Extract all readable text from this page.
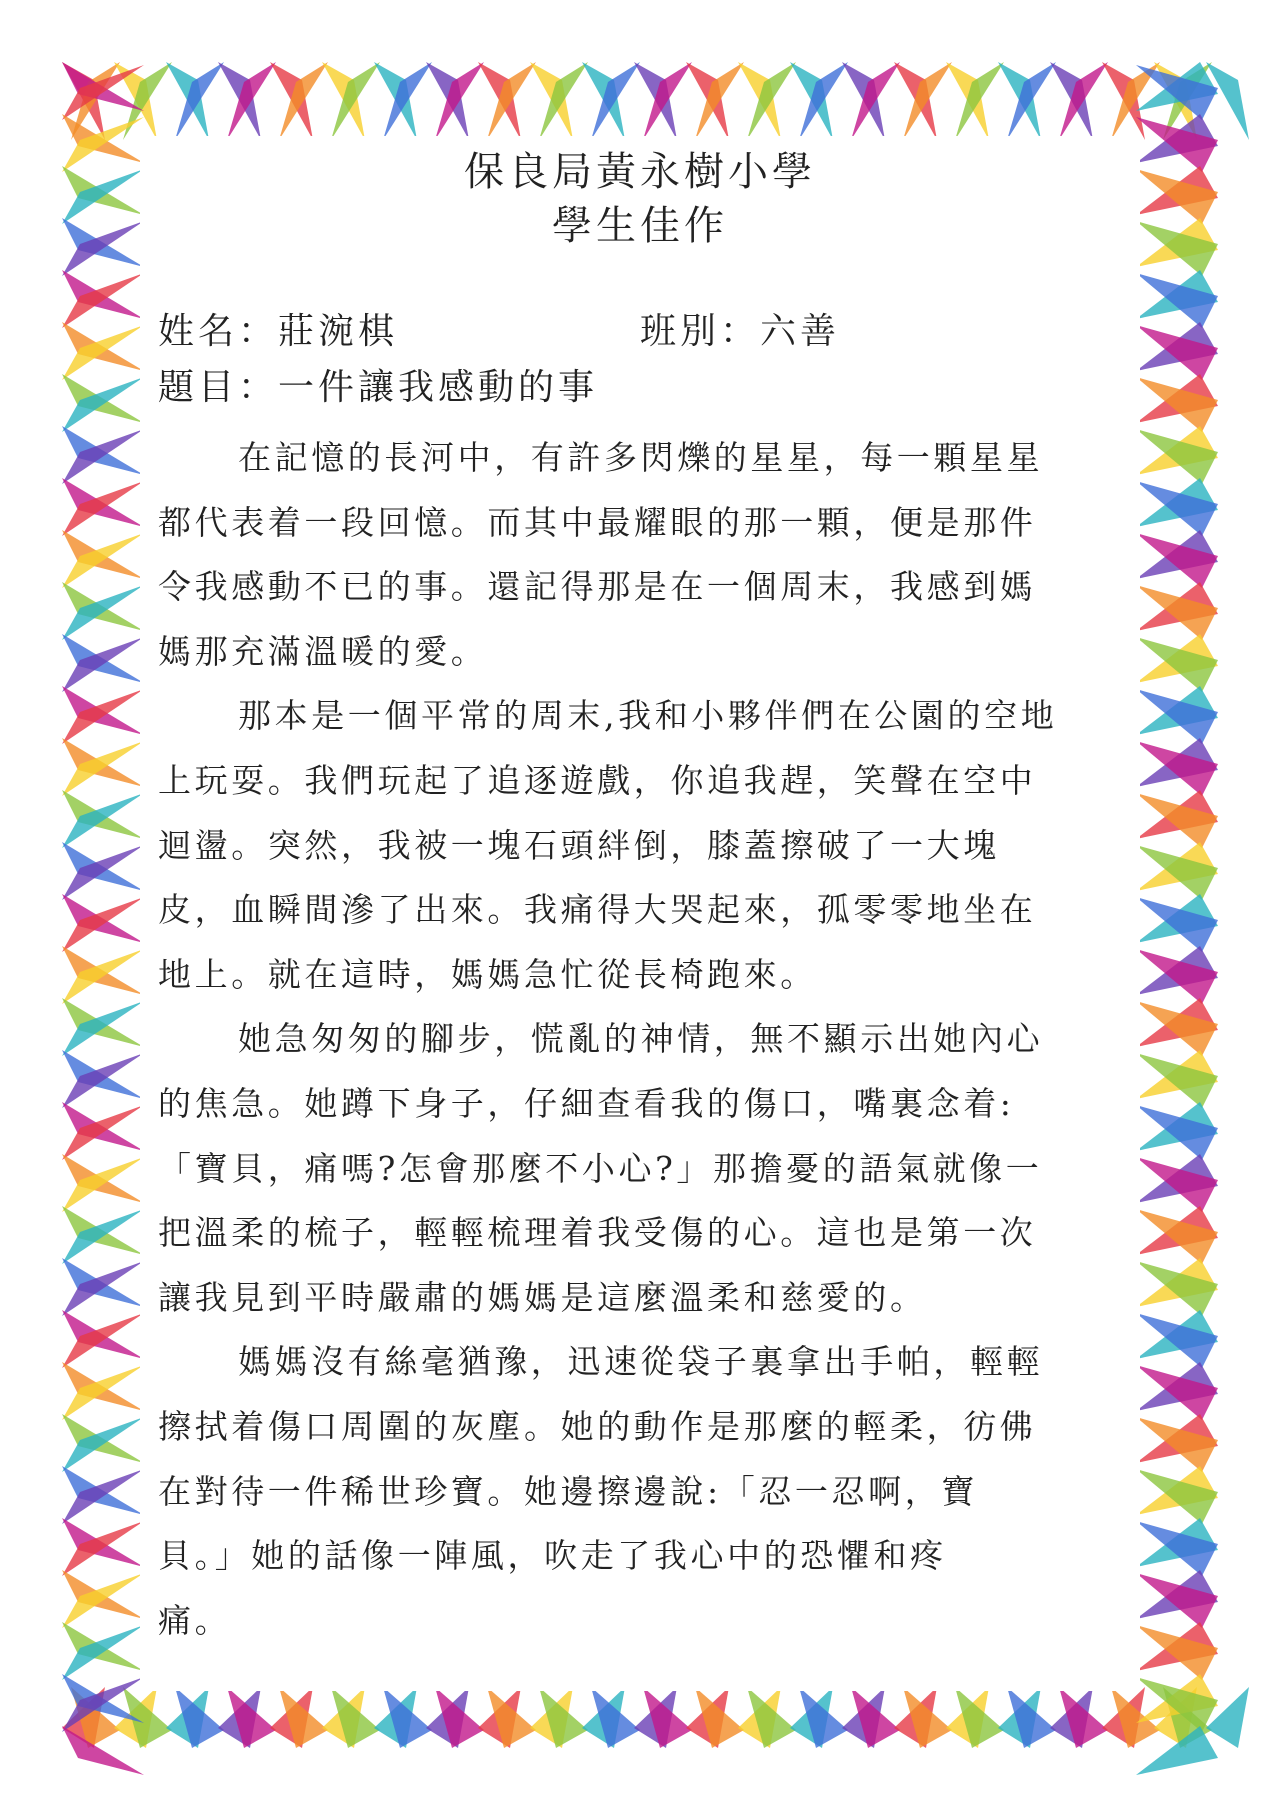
保良局黃永樹小學
學生佳作
姓名：莊涴棋	班別：六善
題目：一件讓我感動的事
在記憶的長河中，有許多閃爍的星星，每一顆星星
都代表着一段回憶。而其中最耀眼的那一顆，便是那件
令我感動不已的事。還記得那是在一個周末，我感到媽
媽那充滿溫暖的愛。
那本是一個平常的周末,我和小夥伴們在公園的空地
上玩耍。我們玩起了追逐遊戲，你追我趕，笑聲在空中
迴盪。突然，我被一塊石頭絆倒，膝蓋擦破了一大塊
皮，血瞬間滲了出來。我痛得大哭起來，孤零零地坐在
地上。就在這時，媽媽急忙從長椅跑來。
她急匆匆的腳步，慌亂的神情，無不顯示出她內心
的焦急。她蹲下身子，仔細查看我的傷口，嘴裏念着:
「寶貝，痛嗎?怎會那麼不小心?」那擔憂的語氣就像一
把溫柔的梳子，輕輕梳理着我受傷的心。這也是第一次
讓我見到平時嚴肅的媽媽是這麼溫柔和慈愛的。
媽媽沒有絲毫猶豫，迅速從袋子裏拿出手帕，輕輕
擦拭着傷口周圍的灰塵。她的動作是那麼的輕柔，彷佛
在對待一件稀世珍寶。她邊擦邊說:「忍一忍啊，寶
貝。」她的話像一陣風，吹走了我心中的恐懼和疼
痛。
